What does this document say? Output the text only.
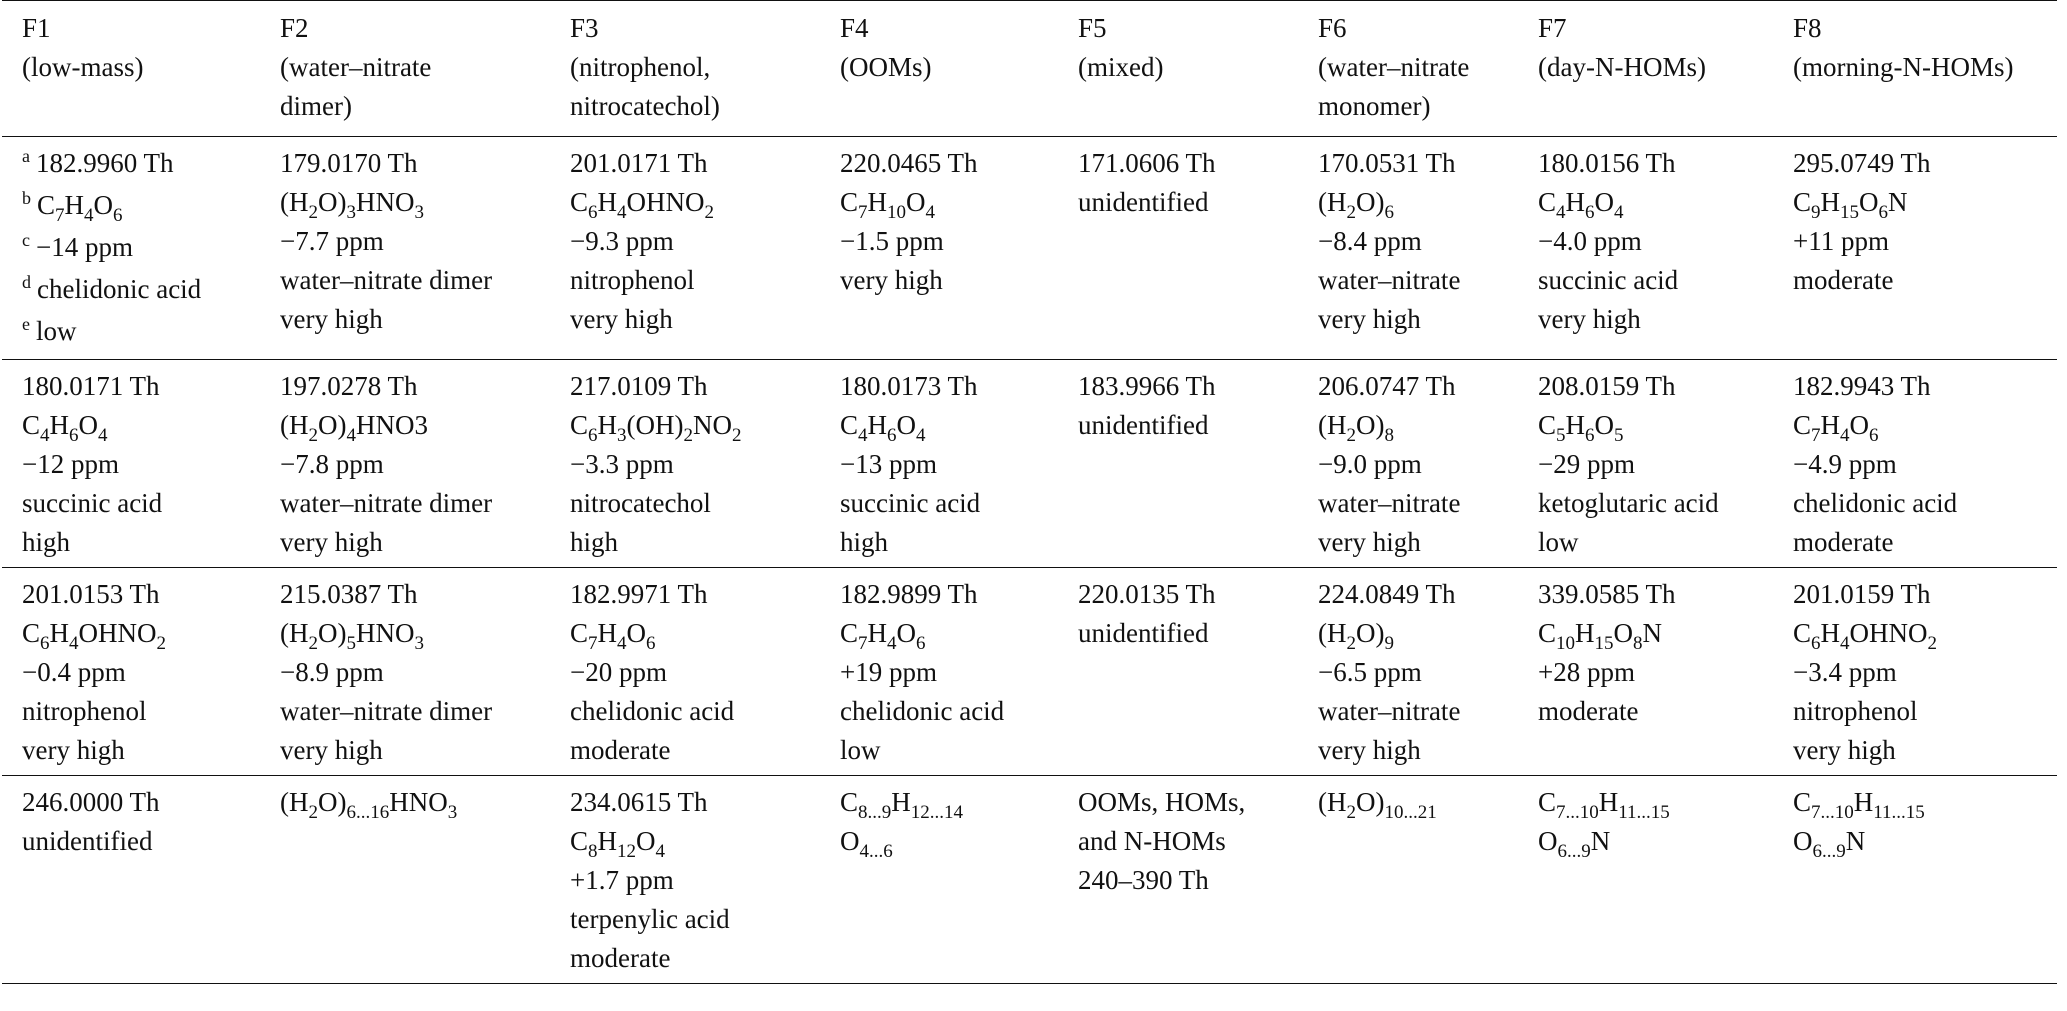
F1
(low-mass)	F2
(water–nitrate
dimer)	F3
(nitrophenol,
nitrocatechol)	F4
(OOMs)	F5
(mixed)	F6
(water–nitrate
monomer)	F7
(day-N-HOMs)	F8
(morning-N-HOMs)

$^a$ 182.9960 Th
$^b$ $C_7H_4O_6$
$^c$ −14 ppm
$^d$ chelidonic acid
$^e$ low	179.0170 Th
$(H_2O)_3HNO_3$
−7.7 ppm
water–nitrate dimer
very high	201.0171 Th
$C_6H_4OHNO_2$
−9.3 ppm
nitrophenol
very high	220.0465 Th
$C_7H_{10}O_4$
−1.5 ppm
very high	171.0606 Th
unidentified	170.0531 Th
$(H_2O)_6$
−8.4 ppm
water–nitrate
very high	180.0156 Th
$C_4H_6O_4$
−4.0 ppm
succinic acid
very high	295.0749 Th
$C_9H_{15}O_6N$
+11 ppm
moderate

180.0171 Th
$C_4H_6O_4$
−12 ppm
succinic acid
high	197.0278 Th
$(H_2O)_4HNO3$
−7.8 ppm
water–nitrate dimer
very high	217.0109 Th
$C_6H_3(OH)_2NO_2$
−3.3 ppm
nitrocatechol
high	180.0173 Th
$C_4H_6O_4$
−13 ppm
succinic acid
high	183.9966 Th
unidentified	206.0747 Th
$(H_2O)_8$
−9.0 ppm
water–nitrate
very high	208.0159 Th
$C_5H_6O_5$
−29 ppm
ketoglutaric acid
low	182.9943 Th
$C_7H_4O_6$
−4.9 ppm
chelidonic acid
moderate

201.0153 Th
$C_6H_4OHNO_2$
−0.4 ppm
nitrophenol
very high	215.0387 Th
$(H_2O)_5HNO_3$
−8.9 ppm
water–nitrate dimer
very high	182.9971 Th
$C_7H_4O_6$
−20 ppm
chelidonic acid
moderate	182.9899 Th
$C_7H_4O_6$
+19 ppm
chelidonic acid
low	220.0135 Th
unidentified	224.0849 Th
$(H_2O)_9$
−6.5 ppm
water–nitrate
very high	339.0585 Th
$C_{10}H_{15}O_8N$
+28 ppm
moderate	201.0159 Th
$C_6H_4OHNO_2$
−3.4 ppm
nitrophenol
very high

246.0000 Th
unidentified	$(H_2O)_{6...16}HNO_3$	234.0615 Th
$C_8H_{12}O_4$
+1.7 ppm
terpenylic acid
moderate	$C_{8...9}H_{12...14}$
$O_{4...6}$	OOMs, HOMs,
and N-HOMs
240–390 Th	$(H_2O)_{10...21}$	$C_{7...10}H_{11...15}$
$O_{6...9}N$	$C_{7...10}H_{11...15}$
$O_{6...9}N$
